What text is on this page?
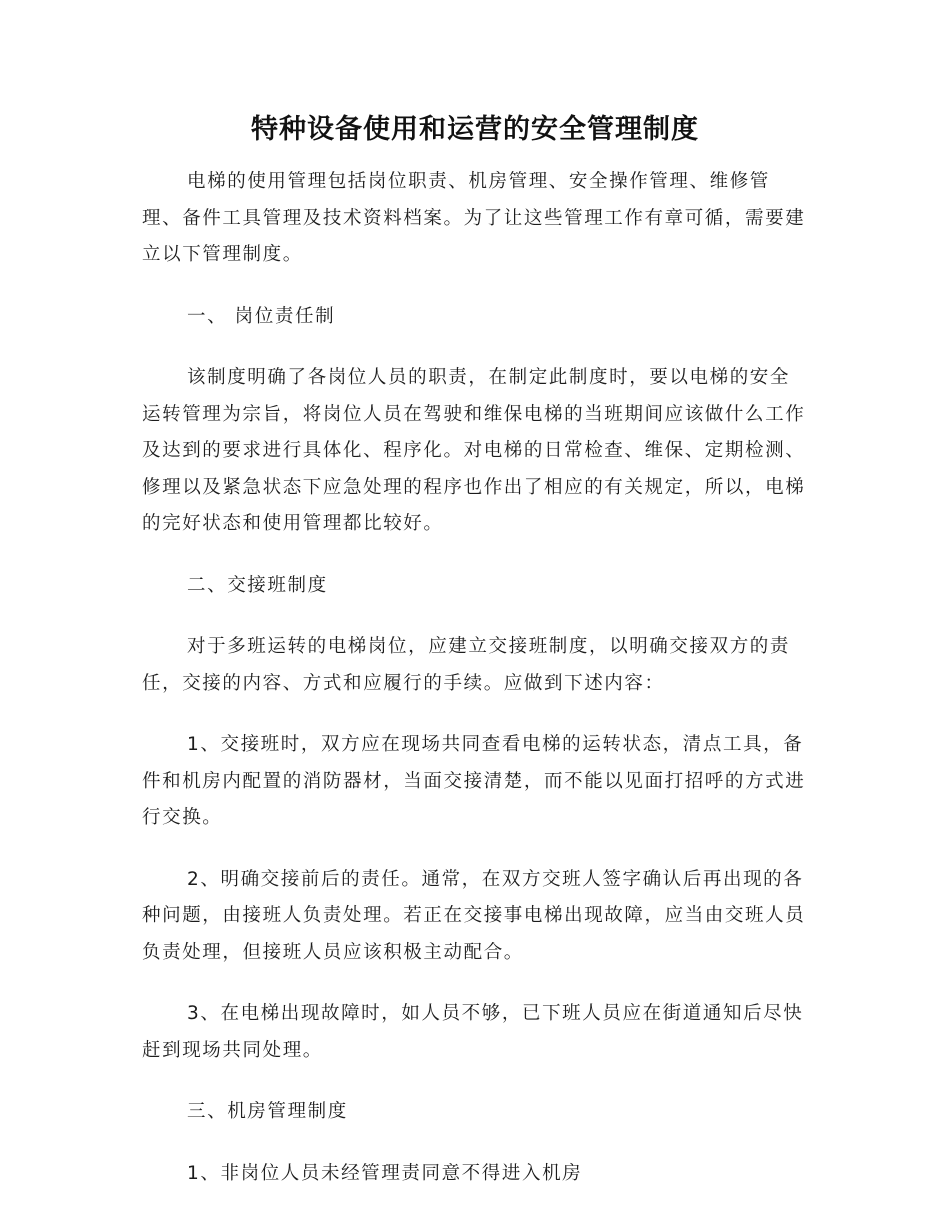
特种设备使用和运营的安全管理制度

电梯的使用管理包括岗位职责、机房管理、安全操作管理、维修管理、备件工具管理及技术资料档案。为了让这些管理工作有章可循，需要建立以下管理制度。

一、 岗位责任制

该制度明确了各岗位人员的职责，在制定此制度时，要以电梯的安全运转管理为宗旨，将岗位人员在驾驶和维保电梯的当班期间应该做什么工作及达到的要求进行具体化、程序化。对电梯的日常检查、维保、定期检测、修理以及紧急状态下应急处理的程序也作出了相应的有关规定，所以，电梯的完好状态和使用管理都比较好。

二、交接班制度

对于多班运转的电梯岗位，应建立交接班制度，以明确交接双方的责任，交接的内容、方式和应履行的手续。应做到下述内容：

1、交接班时，双方应在现场共同查看电梯的运转状态，清点工具，备件和机房内配置的消防器材，当面交接清楚，而不能以见面打招呼的方式进行交换。

2、明确交接前后的责任。通常，在双方交班人签字确认后再出现的各种问题，由接班人负责处理。若正在交接事电梯出现故障，应当由交班人员负责处理，但接班人员应该积极主动配合。

3、在电梯出现故障时，如人员不够，已下班人员应在街道通知后尽快赶到现场共同处理。

三、机房管理制度

1、非岗位人员未经管理责同意不得进入机房
